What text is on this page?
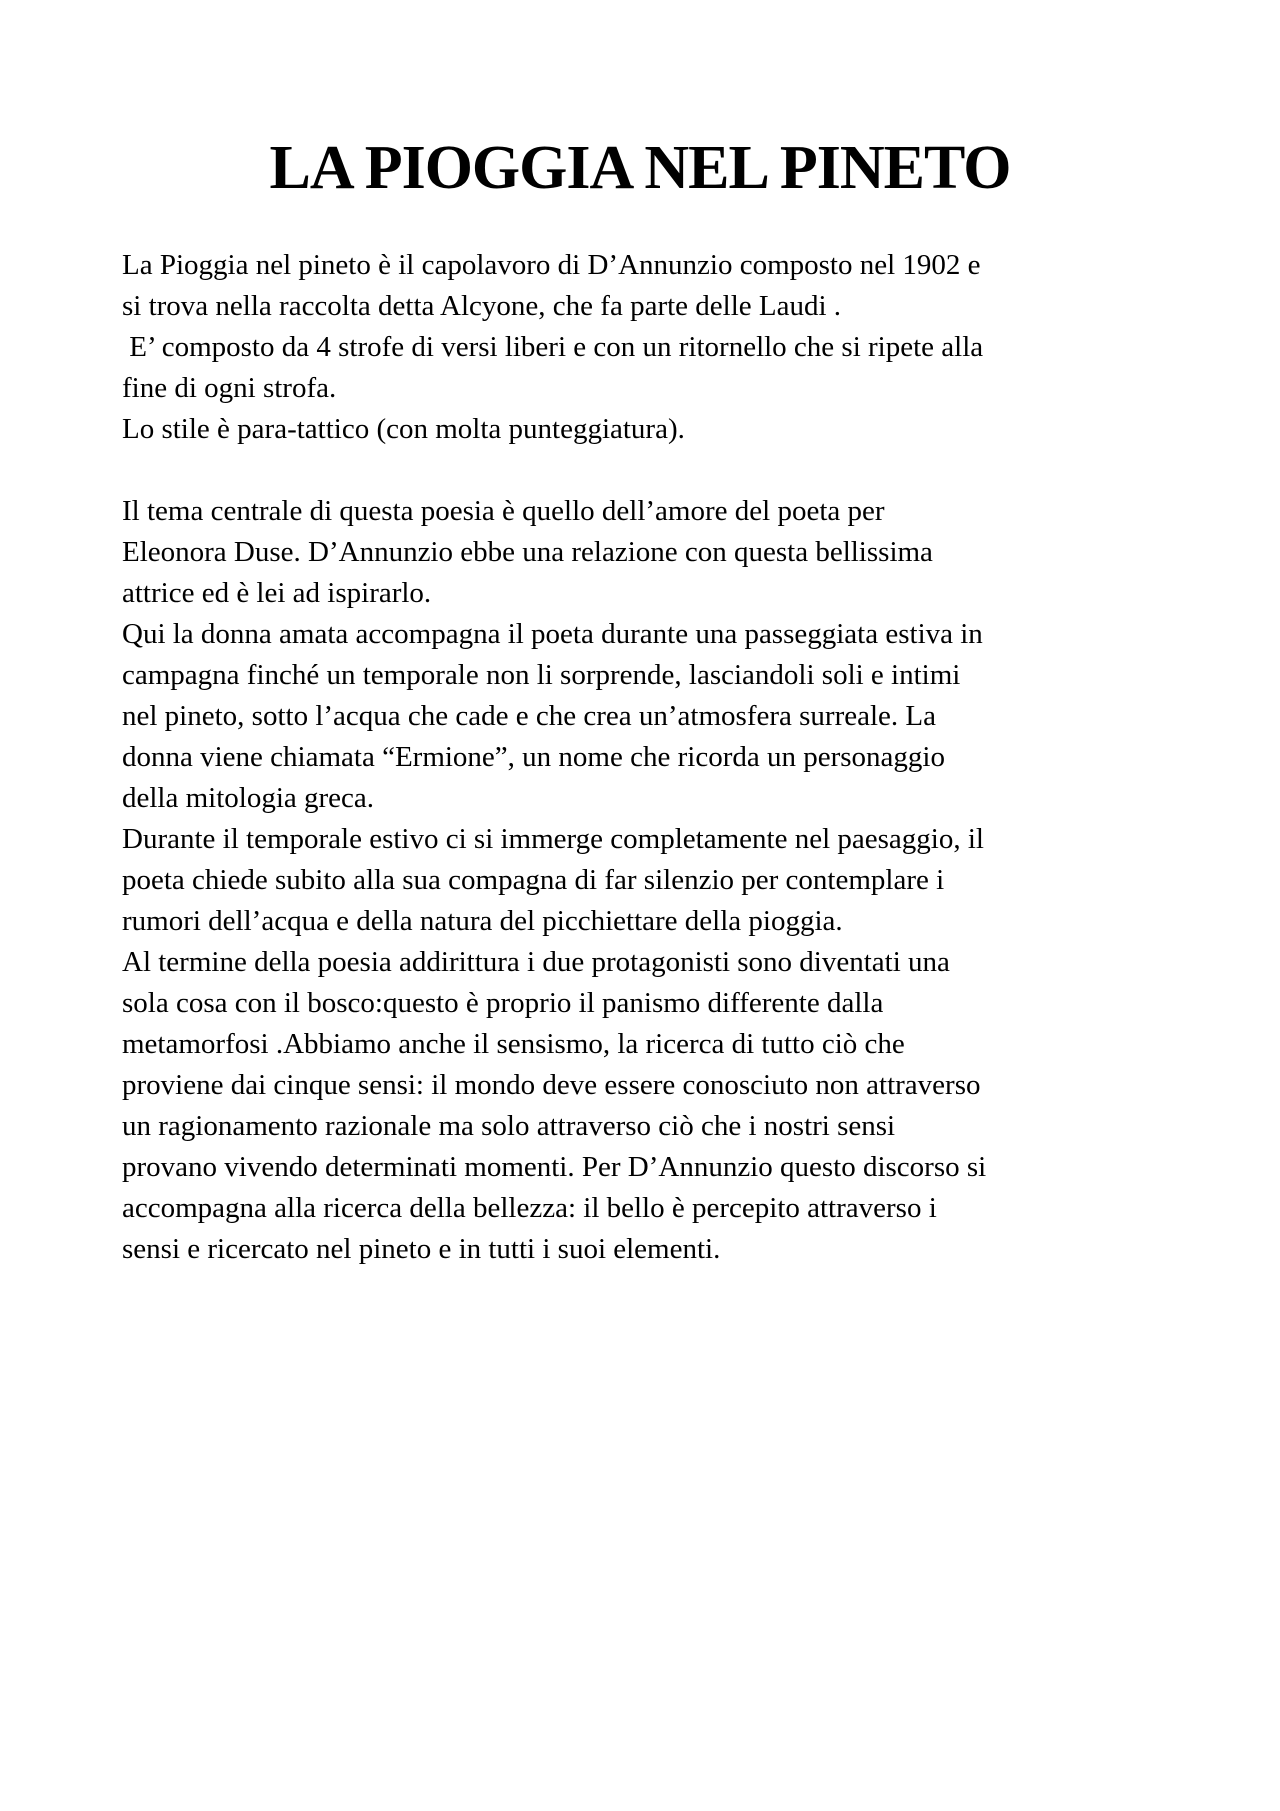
LA PIOGGIA NEL PINETO
La Pioggia nel pineto è il capolavoro di D’Annunzio composto nel 1902 e
si trova nella raccolta detta Alcyone, che fa parte delle Laudi .
E’ composto da 4 strofe di versi liberi e con un ritornello che si ripete alla
fine di ogni strofa.
Lo stile è para-tattico (con molta punteggiatura).
Il tema centrale di questa poesia è quello dell’amore del poeta per
Eleonora Duse. D’Annunzio ebbe una relazione con questa bellissima
attrice ed è lei ad ispirarlo.
Qui la donna amata accompagna il poeta durante una passeggiata estiva in
campagna finché un temporale non li sorprende, lasciandoli soli e intimi
nel pineto, sotto l’acqua che cade e che crea un’atmosfera surreale. La
donna viene chiamata “Ermione”, un nome che ricorda un personaggio
della mitologia greca.
Durante il temporale estivo ci si immerge completamente nel paesaggio, il
poeta chiede subito alla sua compagna di far silenzio per contemplare i
rumori dell’acqua e della natura del picchiettare della pioggia.
Al termine della poesia addirittura i due protagonisti sono diventati una
sola cosa con il bosco:questo è proprio il panismo differente dalla
metamorfosi .Abbiamo anche il sensismo, la ricerca di tutto ciò che
proviene dai cinque sensi: il mondo deve essere conosciuto non attraverso
un ragionamento razionale ma solo attraverso ciò che i nostri sensi
provano vivendo determinati momenti. Per D’Annunzio questo discorso si
accompagna alla ricerca della bellezza: il bello è percepito attraverso i
sensi e ricercato nel pineto e in tutti i suoi elementi.
